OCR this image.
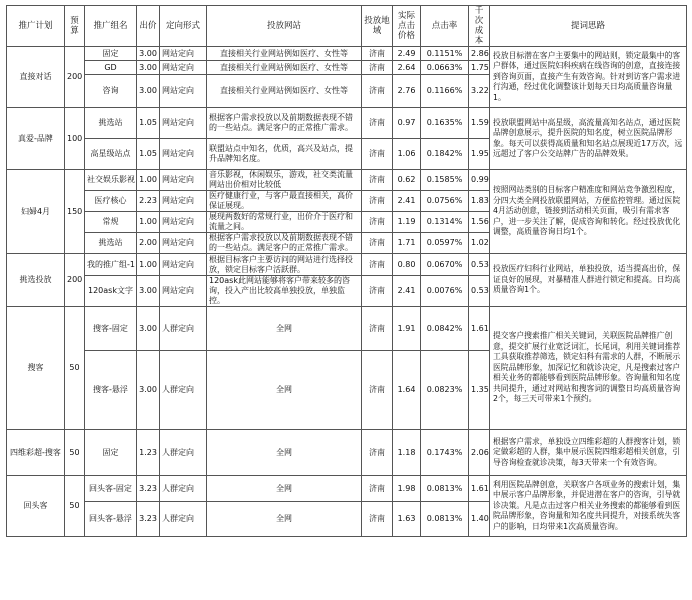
推广计划	预算	推广组名	出价	定向形式	投放网站	投放地域	实际点击价格	点击率	千次成本	提词思路
直接对话	200	固定	3.00	网站定向	直接相关行业网站例如医疗、女性等	济南	2.49	0.1151%	2.86	投放目标潜在客户主要集中的网站则，锁定最集中的客户群体，通过医院妇科疾病在线咨询的创意，直接连接到咨询页面，直接产生有效咨询。针对到访客户需求进行沟通，经过优化调整该计划每天日均高质量咨询量1。
		GD	3.00	网站定向	直接相关行业网站例如医疗、女性等	济南	2.64	0.0663%	1.75	
		咨询	3.00	网站定向	直接相关行业网站例如医疗、女性等	济南	2.76	0.1166%	3.22	
真爱-品牌	100	挑选站	1.05	网站定向	根据客户需求投放以及前期数据表现不错的一些站点。满足客户的正常推广需求。	济南	0.97	0.1635%	1.59	投放联盟网站中高星级，高流量高知名站点，通过医院品牌创意展示，提升医院的知名度，树立医院品牌形象。每天可以获得高质量和知名站点展现近17万次，远远超过了客户公交站牌广告的品牌效果。
		高星级站点	1.05	网站定向	联盟站点中知名，优质，高兴及站点，提升品牌知名度。	济南	1.06	0.1842%	1.95	
妇婦4月	150	社交娱乐影视	1.00	网站定向	音乐影视，休闲娱乐，游戏，社交类流量网站出价相对比较低	济南	0.62	0.1585%	0.99	按照网站类别的目标客户精准度和网站竞争激烈程度，分四大类全网投放联盟网站，方便监控管理。通过医院4月活动创意，链接到活动相关页面，吸引有需求客户，进一步关注了解，促成咨询和转化。经过投放优化调整，高质量咨询日均1个。
		医疗核心	2.23	网站定向	医疗健康行业，与客户最直接相关，高价保证展现。	济南	2.41	0.0756%	1.83	
		常规	1.00	网站定向	展现两数好的常规行业，出价介于医疗和流量之间。	济南	1.19	0.1314%	1.56	
		挑选站	2.00	网站定向	根据客户需求投放以及前期数据表现不错的一些站点。满足客户的正常推广需求。	济南	1.71	0.0597%	1.02	
挑选投放	200	我的推广组-1	1.00	网站定向	根据目标客户主要访问的网站进行选择投放，锁定目标客户活跃群。	济南	0.80	0.0670%	0.53	投放医疗妇科行业网站，单独投放，适当提高出价，保证良好的展现，对暴精准人群进行锁定和提高。日均高质量咨询1个。
		120ask文字	3.00	网站定向	120ask此网站能够将客户带来较多的咨询，投入产出比较高单独投放，单独监控。	济南	2.41	0.0076%	0.53	
搜客	50	搜客-固定	3.00	人群定向	全网	济南	1.91	0.0842%	1.61	提交客户搜索推广相关关键词，关联医院品牌推广创意，提交扩展行业宽泛词汇，长尾词，利用关键词推荐工具获取推荐筛选，锁定妇科有需求的人群，不断展示医院品牌形象，加深记忆和就诊决定，凡是搜索过客户相关业务的都能够看到医院品牌形象。咨询量和知名度共同提升，通过对网站和搜客词的调整日均高质量咨询2个，每三天可带来1个预约。
		搜客-悬浮	3.00	人群定向	全网	济南	1.64	0.0823%	1.35	
四维彩超-搜客	50	固定	1.23	人群定向	全网	济南	1.18	0.1743%	2.06	根据客户需求，单独设立四维彩超的人群搜客计划，锁定做彩超的人群，集中展示医院四维彩超相关创意，引导咨询检查就诊决策，每3天带来一个有效咨询。
回头客	50	回头客-固定	3.23	人群定向	全网	济南	1.98	0.0813%	1.61	利用医院品牌创意，关联客户各项业务的搜索计划，集中展示客户品牌形象，并促进潜在客户的咨询，引导就诊决策。凡是点击过客户相关业务搜索的都能够看到医院品牌形象，咨询量和知名度共同提升，对接系统失客户的影响，日均带来1次高质量咨询。
		回头客-悬浮	3.23	人群定向	全网	济南	1.63	0.0813%	1.40	
